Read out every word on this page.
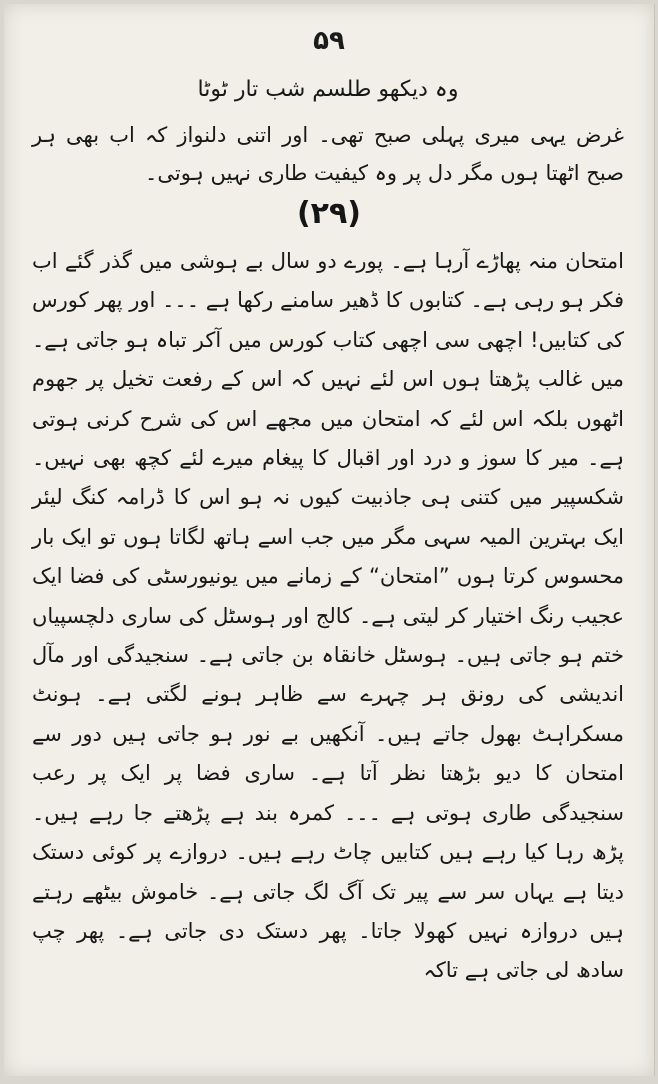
۵۹
وہ دیکھو طلسم شب تار ٹوٹا
غرض یہی میری پہلی صبح تھی۔ اور اتنی دلنواز کہ اب بھی ہر صبح اٹھتا ہوں مگر دل پر وہ کیفیت طاری نہیں ہوتی۔
(۲۹)

امتحان منہ پھاڑے آرہا ہے۔ پورے دو سال بے ہوشی میں گذر گئے اب فکر ہو رہی ہے۔ کتابوں کا ڈھیر سامنے رکھا ہے ۔۔۔ اور پھر کورس کی کتابیں! اچھی سی اچھی کتاب کورس میں آکر تباہ ہو جاتی ہے۔ میں غالب پڑھتا ہوں اس لئے نہیں کہ اس کے رفعت تخیل پر جھوم اٹھوں بلکہ اس لئے کہ امتحان میں مجھے اس کی شرح کرنی ہوتی ہے۔ میر کا سوز و درد اور اقبال کا پیغام میرے لئے کچھ بھی نہیں۔ شکسپیر میں کتنی ہی جاذبیت کیوں نہ ہو اس کا ڈرامہ کنگ لیئر ایک بہترین المیہ سہی مگر میں جب اسے ہاتھ لگاتا ہوں تو ایک بار محسوس کرتا ہوں ”امتحان“ کے زمانے میں یونیورسٹی کی فضا ایک عجیب رنگ اختیار کر لیتی ہے۔ کالج اور ہوسٹل کی ساری دلچسپیاں ختم ہو جاتی ہیں۔ ہوسٹل خانقاہ بن جاتی ہے۔ سنجیدگی اور مآل اندیشی کی رونق ہر چہرے سے ظاہر ہونے لگتی ہے۔ ہونٹ مسکراہٹ بھول جاتے ہیں۔ آنکھیں بے نور ہو جاتی ہیں دور سے امتحان کا دیو بڑھتا نظر آتا ہے۔ ساری فضا پر ایک پر رعب سنجیدگی طاری ہوتی ہے ۔۔۔ کمرہ بند ہے پڑھتے جا رہے ہیں۔ پڑھ رہا کیا رہے ہیں کتابیں چاٹ رہے ہیں۔ دروازے پر کوئی دستک دیتا ہے یہاں سر سے پیر تک آگ لگ جاتی ہے۔ خاموش بیٹھے رہتے ہیں دروازہ نہیں کھولا جاتا۔ پھر دستک دی جاتی ہے۔ پھر چپ سادھ لی جاتی ہے تاکہ
